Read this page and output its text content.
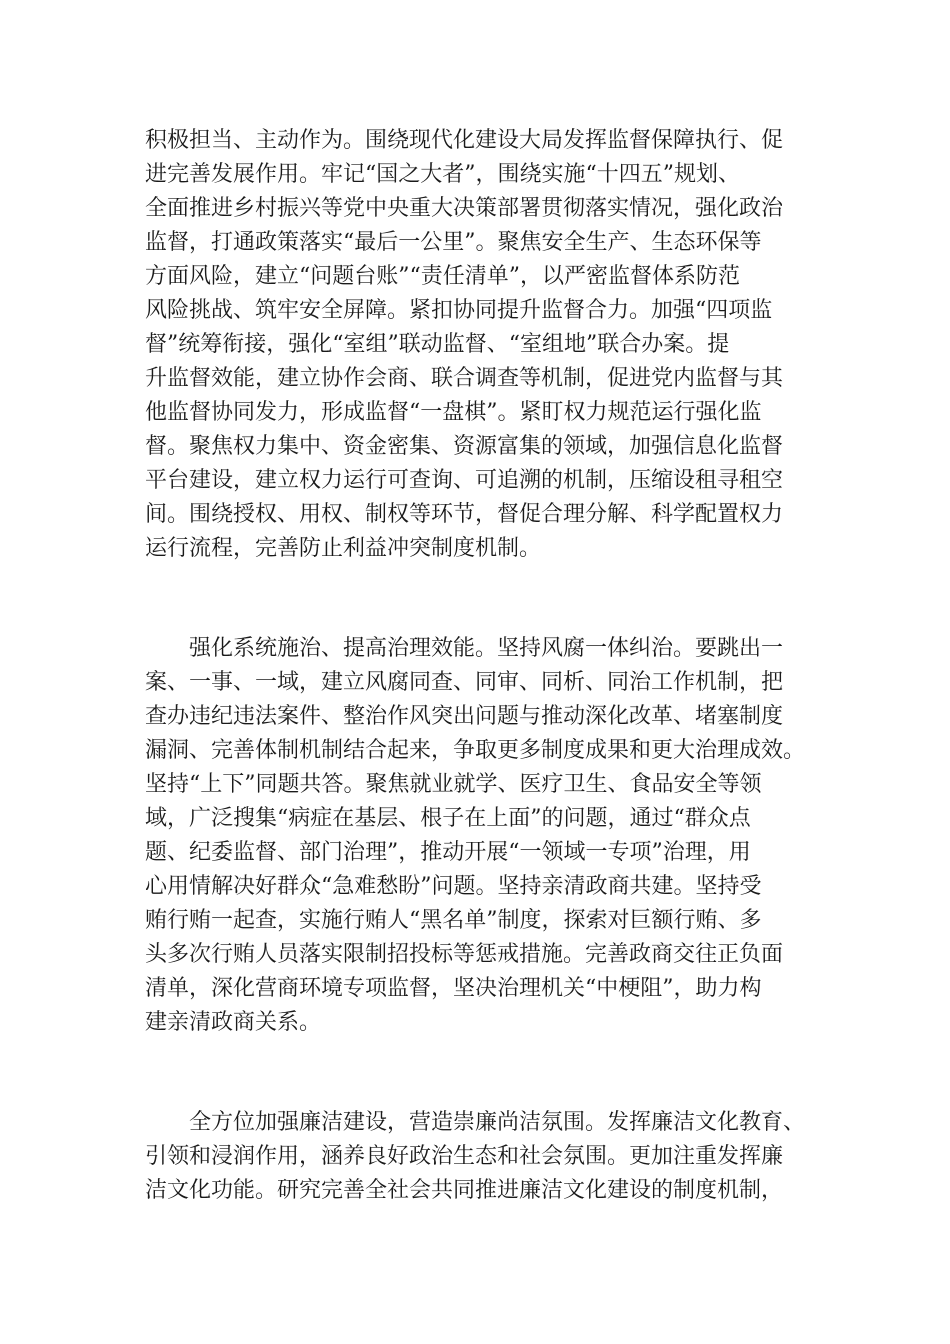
积极担当、主动作为。围绕现代化建设大局发挥监督保障执行、促
进完善发展作用。牢记“国之大者”，围绕实施“十四五”规划、
全面推进乡村振兴等党中央重大决策部署贯彻落实情况，强化政治
监督，打通政策落实“最后一公里”。聚焦安全生产、生态环保等
方面风险，建立“问题台账”“责任清单”，以严密监督体系防范
风险挑战、筑牢安全屏障。紧扣协同提升监督合力。加强“四项监
督”统筹衔接，强化“室组”联动监督、“室组地”联合办案。提
升监督效能，建立协作会商、联合调查等机制，促进党内监督与其
他监督协同发力，形成监督“一盘棋”。紧盯权力规范运行强化监
督。聚焦权力集中、资金密集、资源富集的领域，加强信息化监督
平台建设，建立权力运行可查询、可追溯的机制，压缩设租寻租空
间。围绕授权、用权、制权等环节，督促合理分解、科学配置权力
运行流程，完善防止利益冲突制度机制。
强化系统施治、提高治理效能。坚持风腐一体纠治。要跳出一
案、一事、一域，建立风腐同查、同审、同析、同治工作机制，把
查办违纪违法案件、整治作风突出问题与推动深化改革、堵塞制度
漏洞、完善体制机制结合起来，争取更多制度成果和更大治理成效。
坚持“上下”同题共答。聚焦就业就学、医疗卫生、食品安全等领
域，广泛搜集“病症在基层、根子在上面”的问题，通过“群众点
题、纪委监督、部门治理”，推动开展“一领域一专项”治理，用
心用情解决好群众“急难愁盼”问题。坚持亲清政商共建。坚持受
贿行贿一起查，实施行贿人“黑名单”制度，探索对巨额行贿、多
头多次行贿人员落实限制招投标等惩戒措施。完善政商交往正负面
清单，深化营商环境专项监督，坚决治理机关“中梗阻”，助力构
建亲清政商关系。
全方位加强廉洁建设，营造崇廉尚洁氛围。发挥廉洁文化教育、
引领和浸润作用，涵养良好政治生态和社会氛围。更加注重发挥廉
洁文化功能。研究完善全社会共同推进廉洁文化建设的制度机制，
